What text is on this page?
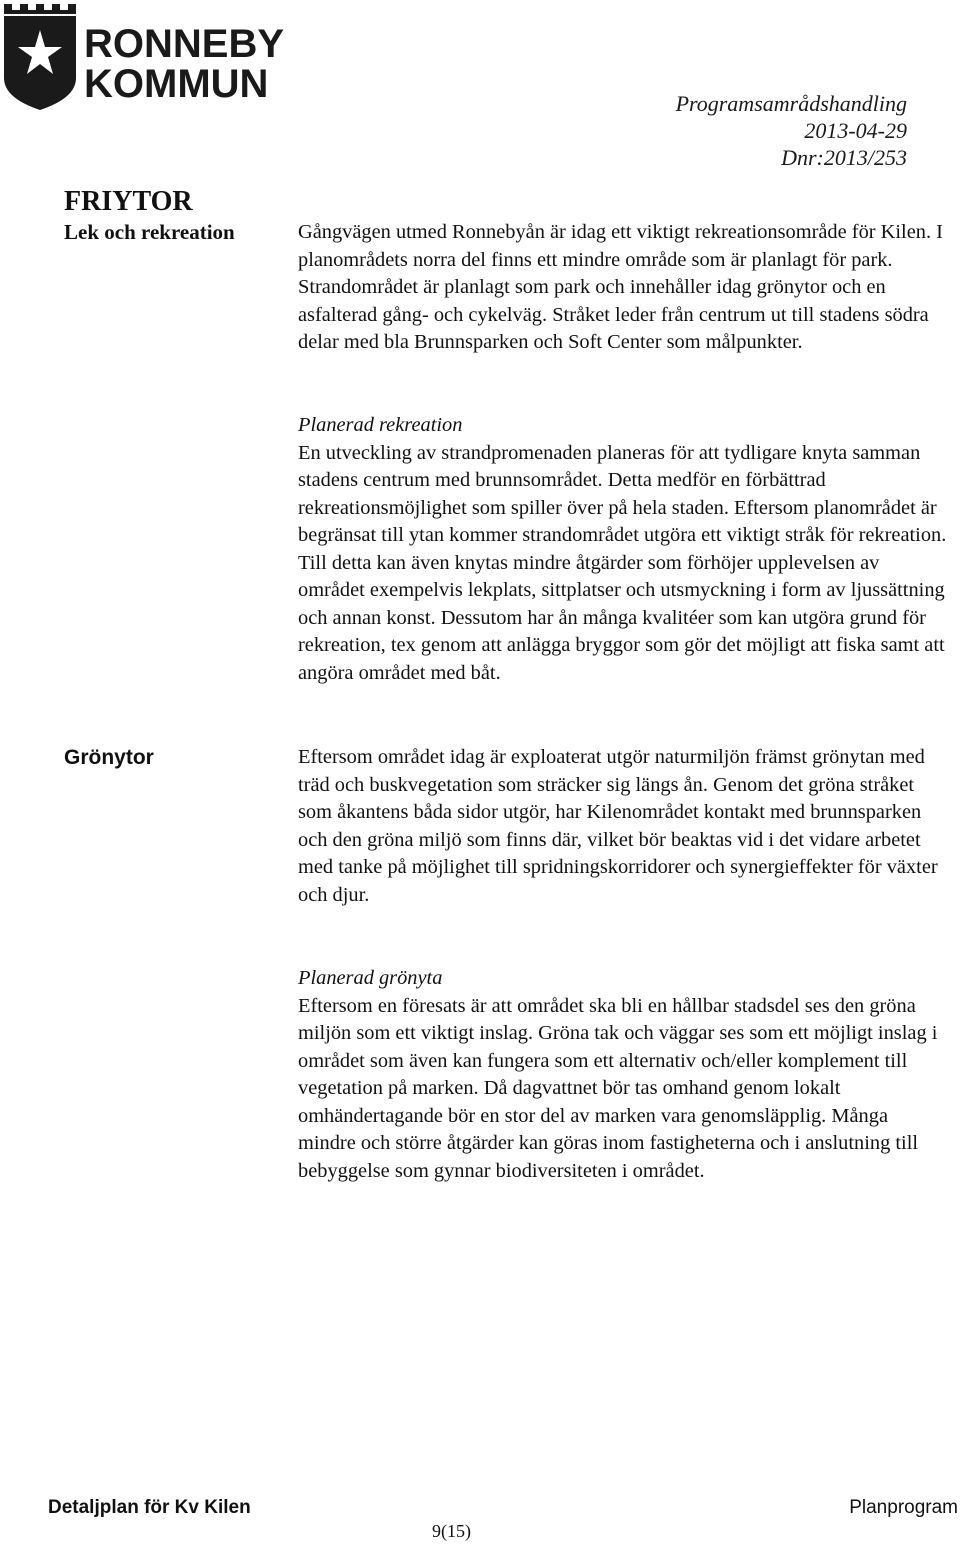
RONNEBY
KOMMUN	Programsamrådshandling
2013-04-29
Dnr:2013/253
FRIYTOR
Lek och rekreation	Gångvägen utmed Ronnebyån är idag ett viktigt rekreationsområde för Kilen. I planområdets norra del finns ett mindre område som är planlagt för park. Strandområdet är planlagt som park och innehåller idag grönytor och en asfalterad gång- och cykelväg. Stråket leder från centrum ut till stadens södra delar med bla Brunnsparken och Soft Center som målpunkter.
Planerad rekreation
En utveckling av strandpromenaden planeras för att tydligare knyta samman stadens centrum med brunnsområdet. Detta medför en förbättrad rekreationsmöjlighet som spiller över på hela staden. Eftersom planområdet är begränsat till ytan kommer strandområdet utgöra ett viktigt stråk för rekreation. Till detta kan även knytas mindre åtgärder som förhöjer upplevelsen av området exempelvis lekplats, sittplatser och utsmyckning i form av ljussättning och annan konst. Dessutom har ån många kvalitéer som kan utgöra grund för rekreation, tex genom att anlägga bryggor som gör det möjligt att fiska samt att angöra området med båt.
Grönytor	Eftersom området idag är exploaterat utgör naturmiljön främst grönytan med träd och buskvegetation som sträcker sig längs ån. Genom det gröna stråket som åkantens båda sidor utgör, har Kilenområdet kontakt med brunnsparken och den gröna miljö som finns där, vilket bör beaktas vid i det vidare arbetet med tanke på möjlighet till spridningskorridorer och synergieffekter för växter och djur.
Planerad grönyta
Eftersom en föresats är att området ska bli en hållbar stadsdel ses den gröna miljön som ett viktigt inslag. Gröna tak och väggar ses som ett möjligt inslag i området som även kan fungera som ett alternativ och/eller komplement till vegetation på marken. Då dagvattnet bör tas omhand genom lokalt omhändertagande bör en stor del av marken vara genomsläpplig. Många mindre och större åtgärder kan göras inom fastigheterna och i anslutning till bebyggelse som gynnar biodiversiteten i området.
Detaljplan för Kv Kilen	Planprogram
9(15)
